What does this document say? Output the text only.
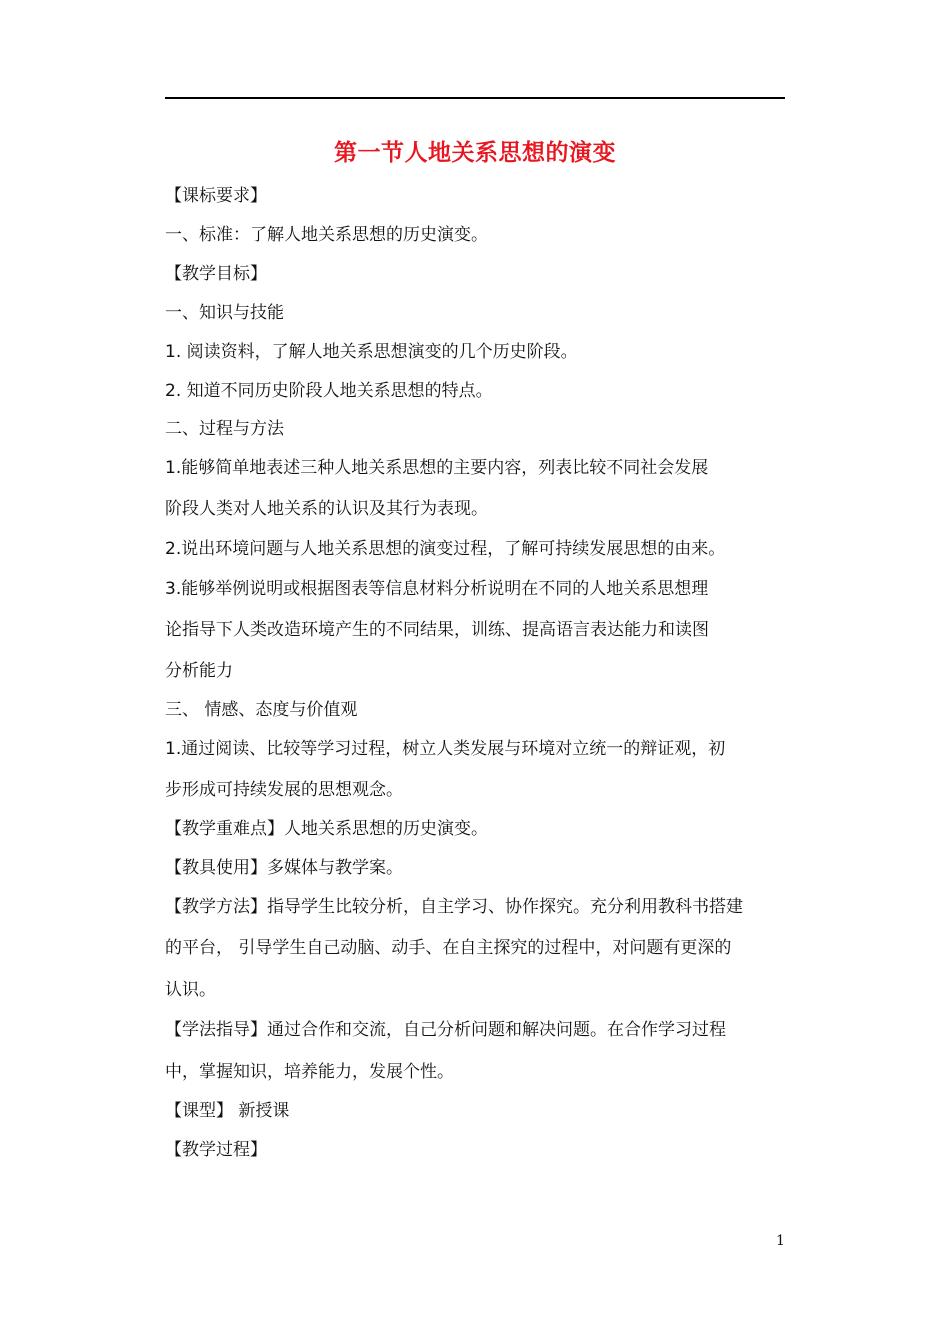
第一节人地关系思想的演变
【课标要求】
一、标准：了解人地关系思想的历史演变。
【教学目标】
一、知识与技能
1. 阅读资料，了解人地关系思想演变的几个历史阶段。
2. 知道不同历史阶段人地关系思想的特点。
二、过程与方法
1.能够简单地表述三种人地关系思想的主要内容，列表比较不同社会发展
阶段人类对人地关系的认识及其行为表现。
2.说出环境问题与人地关系思想的演变过程，了解可持续发展思想的由来。
3.能够举例说明或根据图表等信息材料分析说明在不同的人地关系思想理
论指导下人类改造环境产生的不同结果，训练、提高语言表达能力和读图
分析能力
三、 情感、态度与价值观
1.通过阅读、比较等学习过程，树立人类发展与环境对立统一的辩证观，初
步形成可持续发展的思想观念。
【教学重难点】人地关系思想的历史演变。
【教具使用】多媒体与教学案。
【教学方法】指导学生比较分析，自主学习、协作探究。充分利用教科书搭建
的平台， 引导学生自己动脑、动手、在自主探究的过程中，对问题有更深的
认识。
【学法指导】通过合作和交流，自己分析问题和解决问题。在合作学习过程
中，掌握知识，培养能力，发展个性。
【课型】 新授课
【教学过程】
1
